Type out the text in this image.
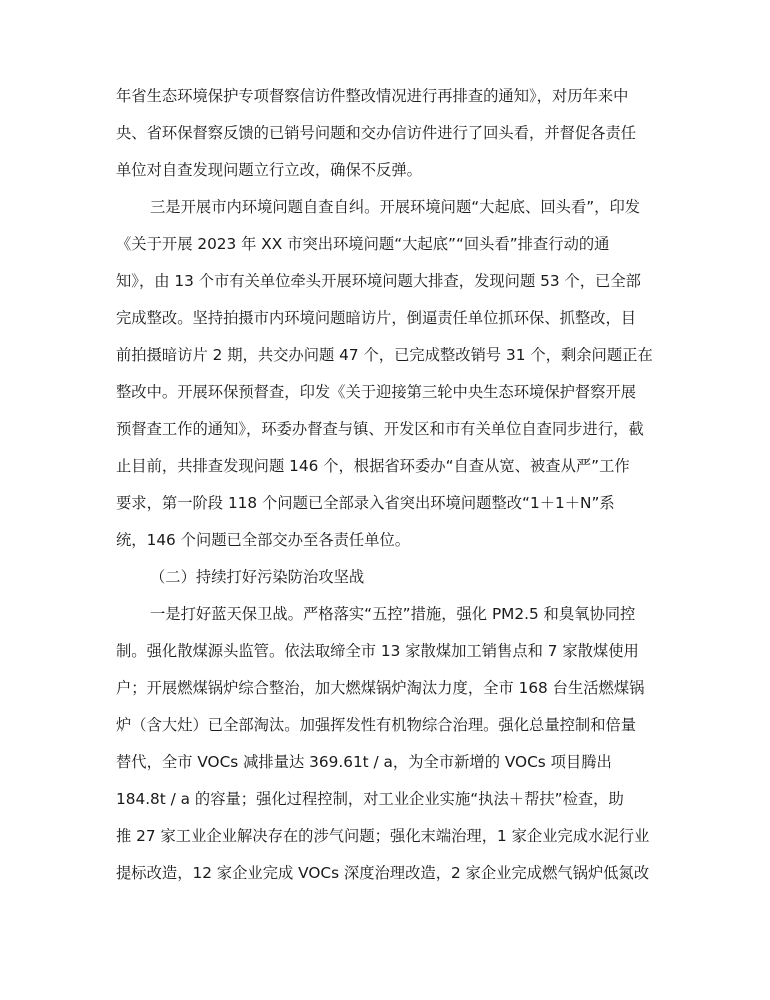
年省生态环境保护专项督察信访件整改情况进行再排查的通知》，对历年来中
央、省环保督察反馈的已销号问题和交办信访件进行了回头看，并督促各责任
单位对自查发现问题立行立改，确保不反弹。
三是开展市内环境问题自查自纠。开展环境问题“大起底、回头看”，印发
《关于开展 2023 年 XX 市突出环境问题“大起底”“回头看”排查行动的通
知》，由 13 个市有关单位牵头开展环境问题大排查，发现问题 53 个，已全部
完成整改。坚持拍摄市内环境问题暗访片，倒逼责任单位抓环保、抓整改，目
前拍摄暗访片 2 期，共交办问题 47 个，已完成整改销号 31 个，剩余问题正在
整改中。开展环保预督查，印发《关于迎接第三轮中央生态环境保护督察开展
预督查工作的通知》，环委办督查与镇、开发区和市有关单位自查同步进行，截
止目前，共排查发现问题 146 个，根据省环委办“自查从宽、被查从严”工作
要求，第一阶段 118 个问题已全部录入省突出环境问题整改“1＋1＋N”系
统，146 个问题已全部交办至各责任单位。
（二）持续打好污染防治攻坚战
一是打好蓝天保卫战。严格落实“五控”措施，强化 PM2.5 和臭氧协同控
制。强化散煤源头监管。依法取缔全市 13 家散煤加工销售点和 7 家散煤使用
户；开展燃煤锅炉综合整治，加大燃煤锅炉淘汰力度，全市 168 台生活燃煤锅
炉（含大灶）已全部淘汰。加强挥发性有机物综合治理。强化总量控制和倍量
替代，全市 VOCs 减排量达 369.61t / a，为全市新增的 VOCs 项目腾出
184.8t / a 的容量；强化过程控制，对工业企业实施“执法＋帮扶”检查，助
推 27 家工业企业解决存在的涉气问题；强化末端治理，1 家企业完成水泥行业
提标改造，12 家企业完成 VOCs 深度治理改造，2 家企业完成燃气锅炉低氮改
